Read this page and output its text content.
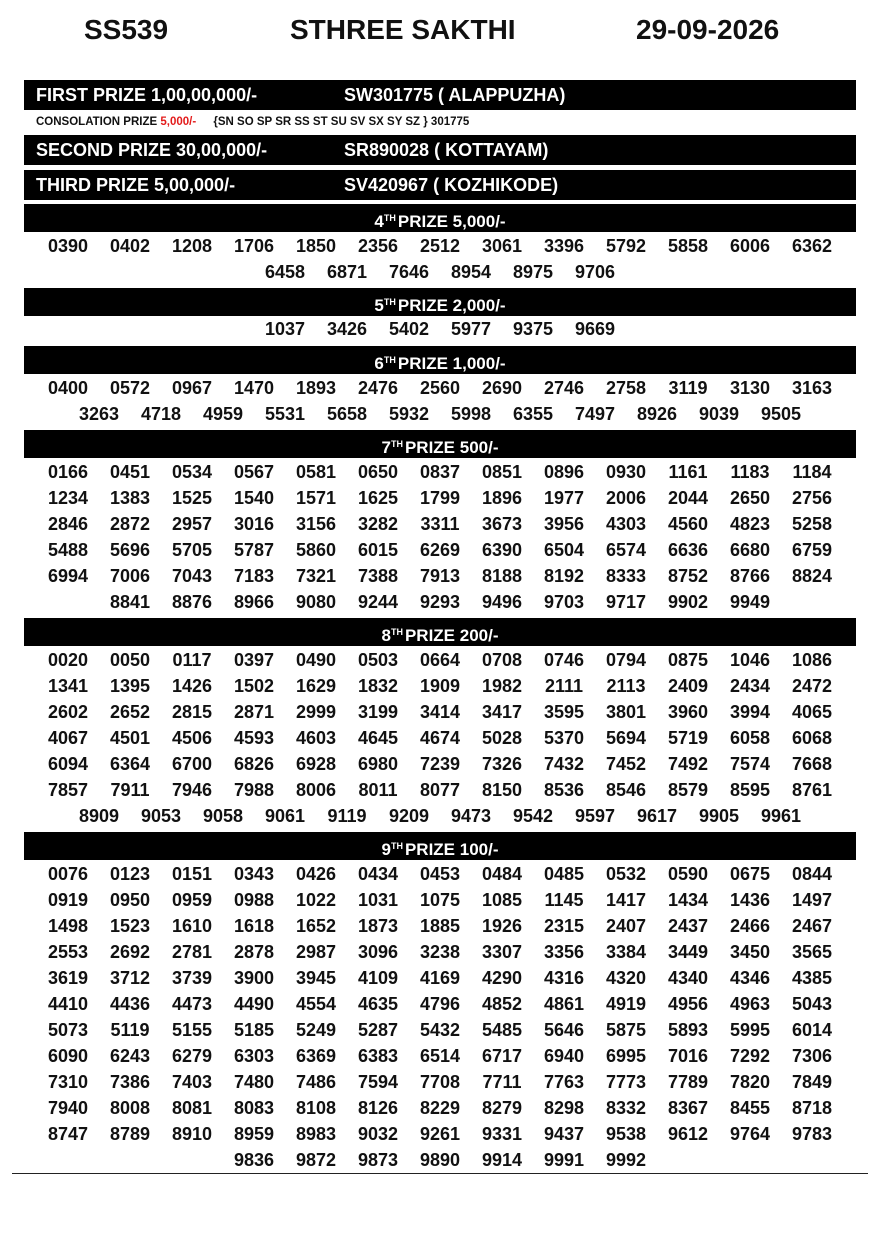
SS539	STHREE SAKTHI	29-09-2026
FIRST PRIZE 1,00,00,000/-	SW301775 ( ALAPPUZHA)
CONSOLATION PRIZE 5,000/- {SN SO SP SR SS ST SU SV SX SY SZ } 301775
SECOND PRIZE 30,00,000/-	SR890028 ( KOTTAYAM)
THIRD PRIZE 5,00,000/-	SV420967 ( KOZHIKODE)
4TH PRIZE 5,000/-
0390	0402	1208	1706	1850	2356	2512	3061	3396	5792	5858	6006	6362
6458	6871	7646	8954	8975	9706
5TH PRIZE 2,000/-
1037	3426	5402	5977	9375	9669
6TH PRIZE 1,000/-
0400	0572	0967	1470	1893	2476	2560	2690	2746	2758	3119	3130	3163
3263	4718	4959	5531	5658	5932	5998	6355	7497	8926	9039	9505
7TH PRIZE 500/-
0166	0451	0534	0567	0581	0650	0837	0851	0896	0930	1161	1183	1184
1234	1383	1525	1540	1571	1625	1799	1896	1977	2006	2044	2650	2756
2846	2872	2957	3016	3156	3282	3311	3673	3956	4303	4560	4823	5258
5488	5696	5705	5787	5860	6015	6269	6390	6504	6574	6636	6680	6759
6994	7006	7043	7183	7321	7388	7913	8188	8192	8333	8752	8766	8824
8841	8876	8966	9080	9244	9293	9496	9703	9717	9902	9949
8TH PRIZE 200/-
0020	0050	0117	0397	0490	0503	0664	0708	0746	0794	0875	1046	1086
1341	1395	1426	1502	1629	1832	1909	1982	2111	2113	2409	2434	2472
2602	2652	2815	2871	2999	3199	3414	3417	3595	3801	3960	3994	4065
4067	4501	4506	4593	4603	4645	4674	5028	5370	5694	5719	6058	6068
6094	6364	6700	6826	6928	6980	7239	7326	7432	7452	7492	7574	7668
7857	7911	7946	7988	8006	8011	8077	8150	8536	8546	8579	8595	8761
8909	9053	9058	9061	9119	9209	9473	9542	9597	9617	9905	9961
9TH PRIZE 100/-
0076	0123	0151	0343	0426	0434	0453	0484	0485	0532	0590	0675	0844
0919	0950	0959	0988	1022	1031	1075	1085	1145	1417	1434	1436	1497
1498	1523	1610	1618	1652	1873	1885	1926	2315	2407	2437	2466	2467
2553	2692	2781	2878	2987	3096	3238	3307	3356	3384	3449	3450	3565
3619	3712	3739	3900	3945	4109	4169	4290	4316	4320	4340	4346	4385
4410	4436	4473	4490	4554	4635	4796	4852	4861	4919	4956	4963	5043
5073	5119	5155	5185	5249	5287	5432	5485	5646	5875	5893	5995	6014
6090	6243	6279	6303	6369	6383	6514	6717	6940	6995	7016	7292	7306
7310	7386	7403	7480	7486	7594	7708	7711	7763	7773	7789	7820	7849
7940	8008	8081	8083	8108	8126	8229	8279	8298	8332	8367	8455	8718
8747	8789	8910	8959	8983	9032	9261	9331	9437	9538	9612	9764	9783
9836	9872	9873	9890	9914	9991	9992
